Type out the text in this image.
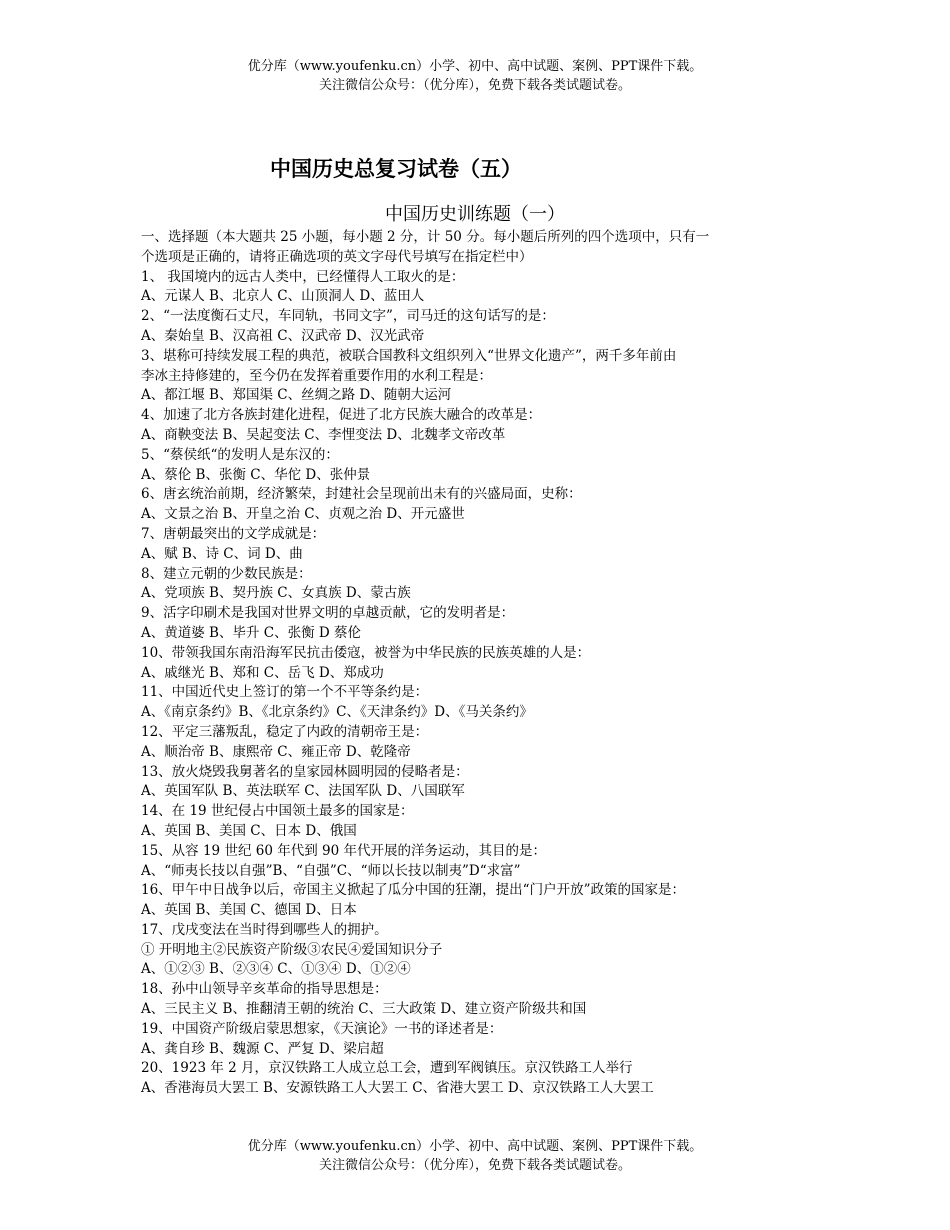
优分库（www.youfenku.cn）小学、初中、高中试题、案例、PPT课件下载。
关注微信公众号：（优分库），免费下载各类试题试卷。
中国历史总复习试卷（五）
中国历史训练题（一）
一、选择题（本大题共 25 小题，每小题 2 分，计 50 分。每小题后所列的四个选项中，只有一
个选项是正确的，请将正确选项的英文字母代号填写在指定栏中）
1、 我国境内的远古人类中，已经懂得人工取火的是：
A、元谋人 B、北京人 C、山顶洞人 D、蓝田人
2、“一法度衡石丈尺，车同轨，书同文字”，司马迁的这句话写的是：
A、秦始皇 B、汉高祖 C、汉武帝 D、汉光武帝
3、堪称可持续发展工程的典范，被联合国教科文组织列入“世界文化遗产”，两千多年前由
李冰主持修建的，至今仍在发挥着重要作用的水利工程是：
A、都江堰 B、郑国渠 C、丝绸之路 D、随朝大运河
4、加速了北方各族封建化进程，促进了北方民族大融合的改革是：
A、商鞅变法 B、吴起变法 C、李悝变法 D、北魏孝文帝改革
5、“蔡侯纸“的发明人是东汉的：
A、蔡伦 B、张衡 C、华佗 D、张仲景
6、唐玄统治前期，经济繁荣，封建社会呈现前出未有的兴盛局面，史称：
A、文景之治 B、开皇之治 C、贞观之治 D、开元盛世
7、唐朝最突出的文学成就是：
A、赋 B、诗 C、词 D、曲
8、建立元朝的少数民族是：
A、党项族 B、契丹族 C、女真族 D、蒙古族
9、活字印刷术是我国对世界文明的卓越贡献，它的发明者是：
A、黄道婆 B、毕升 C、张衡 D 蔡伦
10、带领我国东南沿海军民抗击倭寇，被誉为中华民族的民族英雄的人是：
A、戚继光 B、郑和 C、岳飞 D、郑成功
11、中国近代史上签订的第一个不平等条约是：
A、《南京条约》B、《北京条约》C、《天津条约》D、《马关条约》
12、平定三藩叛乱，稳定了内政的清朝帝王是：
A、顺治帝 B、康熙帝 C、雍正帝 D、乾隆帝
13、放火烧毁我舅著名的皇家园林圆明园的侵略者是：
A、英国军队 B、英法联军 C、法国军队 D、八国联军
14、在 19 世纪侵占中国领土最多的国家是：
A、英国 B、美国 C、日本 D、俄国
15、从容 19 世纪 60 年代到 90 年代开展的洋务运动，其目的是：
A、“师夷长技以自强”B、“自强”C、“师以长技以制夷”D“求富”
16、甲午中日战争以后，帝国主义掀起了瓜分中国的狂潮，提出“门户开放”政策的国家是：
A、英国 B、美国 C、德国 D、日本
17、戊戌变法在当时得到哪些人的拥护。
① 开明地主②民族资产阶级③农民④爱国知识分子
A、①②③ B、②③④ C、①③④ D、①②④
18、孙中山领导辛亥革命的指导思想是：
A、三民主义 B、推翻清王朝的统治 C、三大政策 D、建立资产阶级共和国
19、中国资产阶级启蒙思想家，《天演论》一书的译述者是：
A、龚自珍 B、魏源 C、严复 D、梁启超
20、1923 年 2 月，京汉铁路工人成立总工会，遭到军阀镇压。京汉铁路工人举行
A、香港海员大罢工 B、安源铁路工人大罢工 C、省港大罢工 D、京汉铁路工人大罢工
优分库（www.youfenku.cn）小学、初中、高中试题、案例、PPT课件下载。
关注微信公众号：（优分库），免费下载各类试题试卷。
